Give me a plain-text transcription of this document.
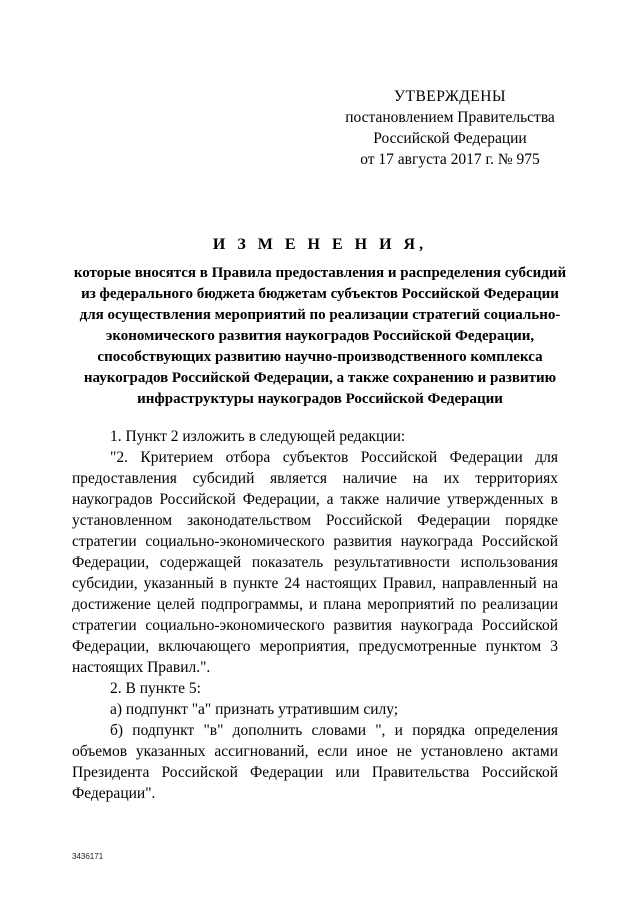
УТВЕРЖДЕНЫ
постановлением Правительства
Российской Федерации
от 17 августа 2017 г. № 975
И З М Е Н Е Н И Я,
которые вносятся в Правила предоставления и распределения субсидий из федерального бюджета бюджетам субъектов Российской Федерации для осуществления мероприятий по реализации стратегий социально-экономического развития наукоградов Российской Федерации, способствующих развитию научно-производственного комплекса наукоградов Российской Федерации, а также сохранению и развитию инфраструктуры наукоградов Российской Федерации

1. Пункт 2 изложить в следующей редакции:

"2. Критерием отбора субъектов Российской Федерации для предоставления субсидий является наличие на их территориях наукоградов Российской Федерации, а также наличие утвержденных в установленном законодательством Российской Федерации порядке стратегии социально-экономического развития наукограда Российской Федерации, содержащей показатель результативности использования субсидии, указанный в пункте 24 настоящих Правил, направленный на достижение целей подпрограммы, и плана мероприятий по реализации стратегии социально-экономического развития наукограда Российской Федерации, включающего мероприятия, предусмотренные пунктом 3 настоящих Правил.".

2. В пункте 5:

а) подпункт "а" признать утратившим силу;

б) подпункт "в" дополнить словами ", и порядка определения объемов указанных ассигнований, если иное не установлено актами Президента Российской Федерации или Правительства Российской Федерации".

3436171
